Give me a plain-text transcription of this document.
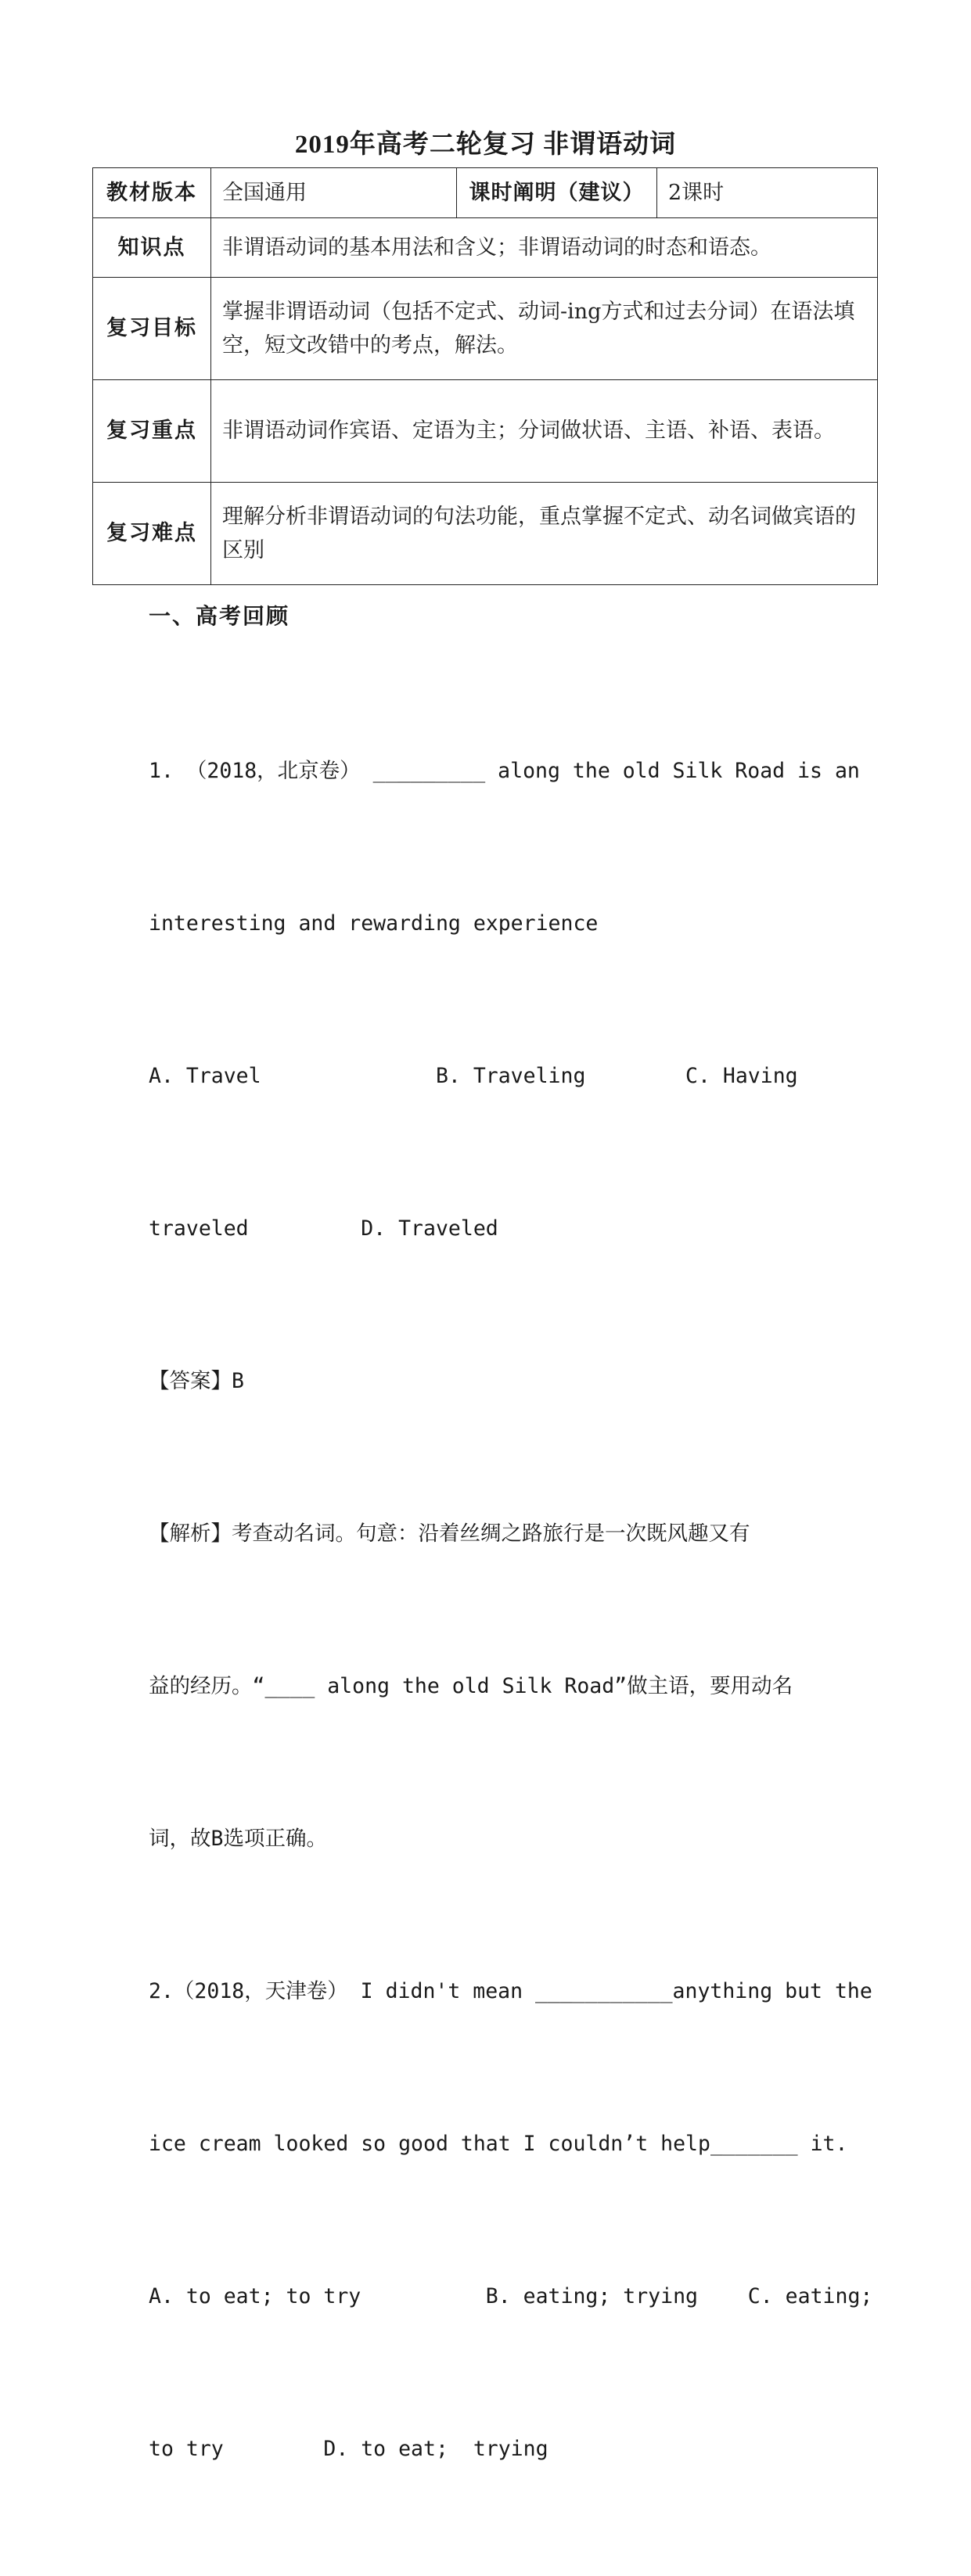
2019年高考二轮复习 非谓语动词
教材版本	全国通用	课时阐明（建议）	2课时
知识点	非谓语动词的基本用法和含义；非谓语动词的时态和语态。		
复习目标	掌握非谓语动词（包括不定式、动词-ing方式和过去分词）在语法填空，短文改错中的考点，解法。		
复习重点	非谓语动词作宾语、定语为主；分词做状语、主语、补语、表语。		
复习难点	理解分析非谓语动词的句法功能，重点掌握不定式、动名词做宾语的区别		
一、高考回顾

1. （2018，北京卷） _________ along the old Silk Road is an

interesting and rewarding experience

A. Travel              B. Traveling        C. Having

traveled         D. Traveled

【答案】B

【解析】考查动名词。句意：沿着丝绸之路旅行是一次既风趣又有

益的经历。“____ along the old Silk Road”做主语，要用动名

词，故B选项正确。

2.（2018，天津卷） I didn't mean ___________anything but the

ice cream looked so good that I couldn’t help_______ it.

A. to eat; to try          B. eating; trying    C. eating;

to try        D. to eat;  trying
